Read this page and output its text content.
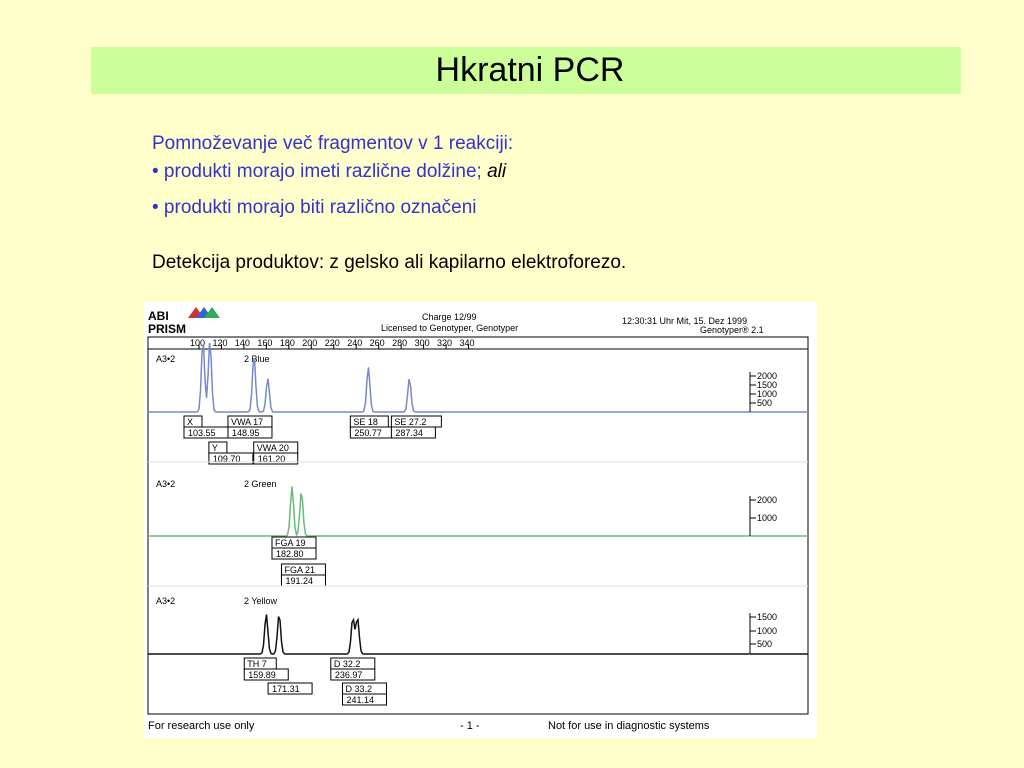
Hkratni PCR
Pomnoževanje več fragmentov v 1 reakciji:
• produkti morajo imeti različne dolžine; ali
• produkti morajo biti različno označeni
Detekcija produktov: z gelsko ali kapilarno elektroforezo.
ABI
PRISM
Charge 12/99
Licensed to Genotyper, Genotyper
12:30:31 Uhr Mit, 15. Dez 1999
Genotyper® 2.1
100 120 140 160 180 200 220 240 260 280 300 320 340
A3•2	2 Blue
2000
1500
1000
500
X
103.55
VWA 17
148.95
SE 18
250.77
SE 27.2
287.34
Y
109.70
VWA 20
161.20
A3•2	2 Green
2000
1000
FGA 19
182.80
FGA 21
191.24
A3•2	2 Yellow
1500
1000
500
TH 7
159.89
D 32.2
236.97
171.31	D 33.2
241.14
For research use only	- 1 -	Not for use in diagnostic systems
